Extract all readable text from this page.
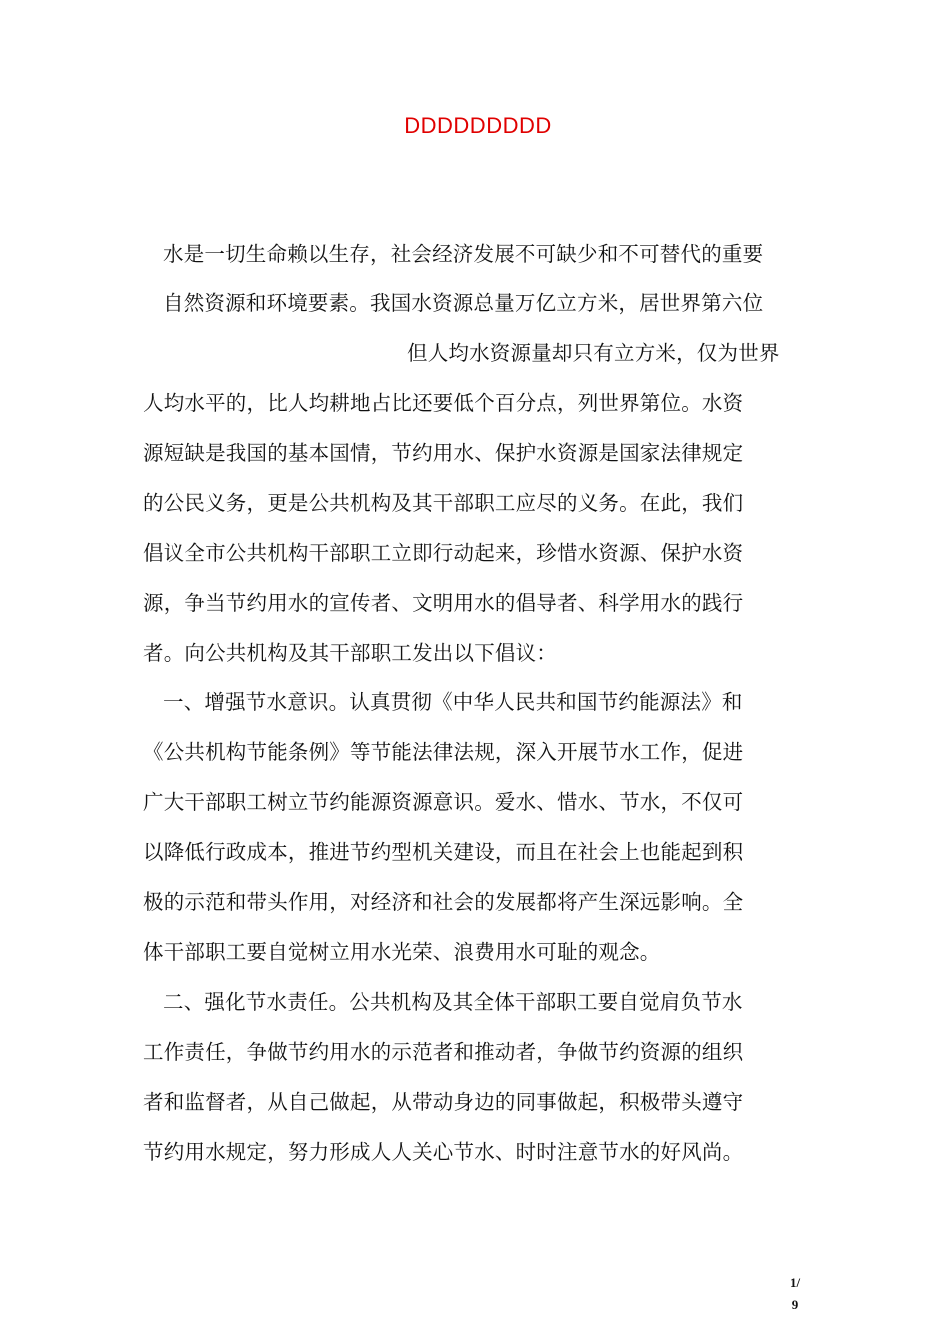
DDDDDDDDD
水是一切生命赖以生存，社会经济发展不可缺少和不可替代的重要
自然资源和环境要素。我国水资源总量万亿立方米，居世界第六位
但人均水资源量却只有立方米，仅为世界
人均水平的，比人均耕地占比还要低个百分点，列世界第位。水资
源短缺是我国的基本国情，节约用水、保护水资源是国家法律规定
的公民义务，更是公共机构及其干部职工应尽的义务。在此，我们
倡议全市公共机构干部职工立即行动起来，珍惜水资源、保护水资
源，争当节约用水的宣传者、文明用水的倡导者、科学用水的践行
者。向公共机构及其干部职工发出以下倡议：
一、增强节水意识。认真贯彻《中华人民共和国节约能源法》和
《公共机构节能条例》等节能法律法规，深入开展节水工作，促进
广大干部职工树立节约能源资源意识。爱水、惜水、节水，不仅可
以降低行政成本，推进节约型机关建设，而且在社会上也能起到积
极的示范和带头作用，对经济和社会的发展都将产生深远影响。全
体干部职工要自觉树立用水光荣、浪费用水可耻的观念。
二、强化节水责任。公共机构及其全体干部职工要自觉肩负节水
工作责任，争做节约用水的示范者和推动者，争做节约资源的组织
者和监督者，从自己做起，从带动身边的同事做起，积极带头遵守
节约用水规定，努力形成人人关心节水、时时注意节水的好风尚。
1/
9
